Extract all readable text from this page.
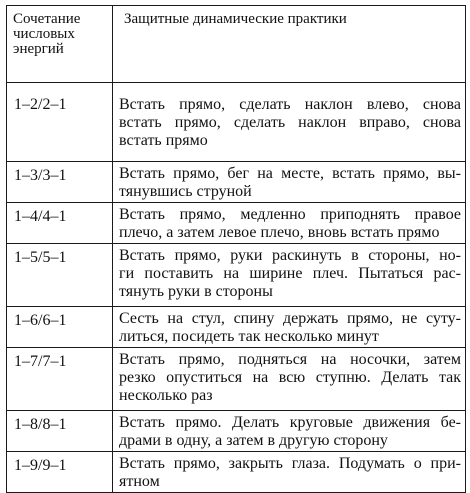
Сочетание
числовых
энергий	Защитные динамические практики
1–2/2–1	Встать прямо, сделать наклон влево, снова
встать прямо, сделать наклон вправо, снова
встать прямо

1–3/3–1	Встать прямо, бег на месте, встать прямо, вы-
тянувшись струной

1–4/4–1	Встать прямо, медленно приподнять правое
плечо, а затем левое плечо, вновь встать прямо

1–5/5–1	Встать прямо, руки раскинуть в стороны, но-
ги поставить на ширине плеч. Пытаться рас-
тянуть руки в стороны

1–6/6–1	Сесть на стул, спину держать прямо, не суту-
литься, посидеть так несколько минут

1–7/7–1	Встать прямо, подняться на носочки, затем
резко опуститься на всю ступню. Делать так
несколько раз

1–8/8–1	Встать прямо. Делать круговые движения бе-
драми в одну, а затем в другую сторону

1–9/9–1	Встать прямо, закрыть глаза. Подумать о при-
ятном
